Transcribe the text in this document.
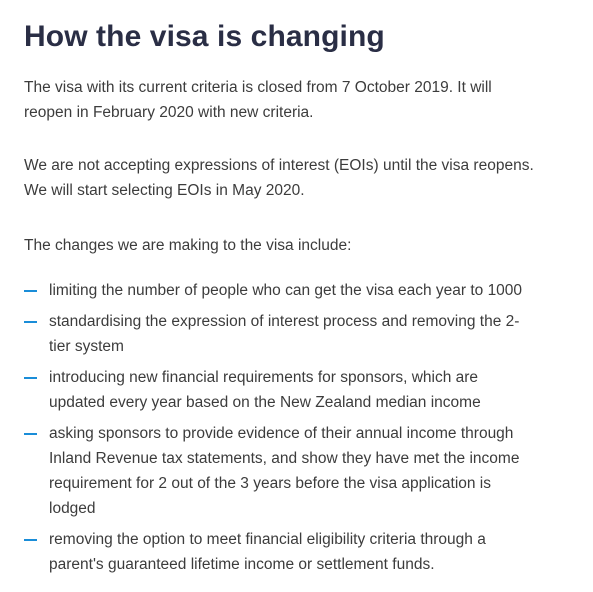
How the visa is changing

The visa with its current criteria is closed from 7 October 2019. It will
reopen in February 2020 with new criteria.

We are not accepting expressions of interest (EOIs) until the visa reopens.
We will start selecting EOIs in May 2020.

The changes we are making to the visa include:

limiting the number of people who can get the visa each year to 1000
standardising the expression of interest process and removing the 2-
tier system
introducing new financial requirements for sponsors, which are
updated every year based on the New Zealand median income
asking sponsors to provide evidence of their annual income through
Inland Revenue tax statements, and show they have met the income
requirement for 2 out of the 3 years before the visa application is
lodged
removing the option to meet financial eligibility criteria through a
parent's guaranteed lifetime income or settlement funds.
